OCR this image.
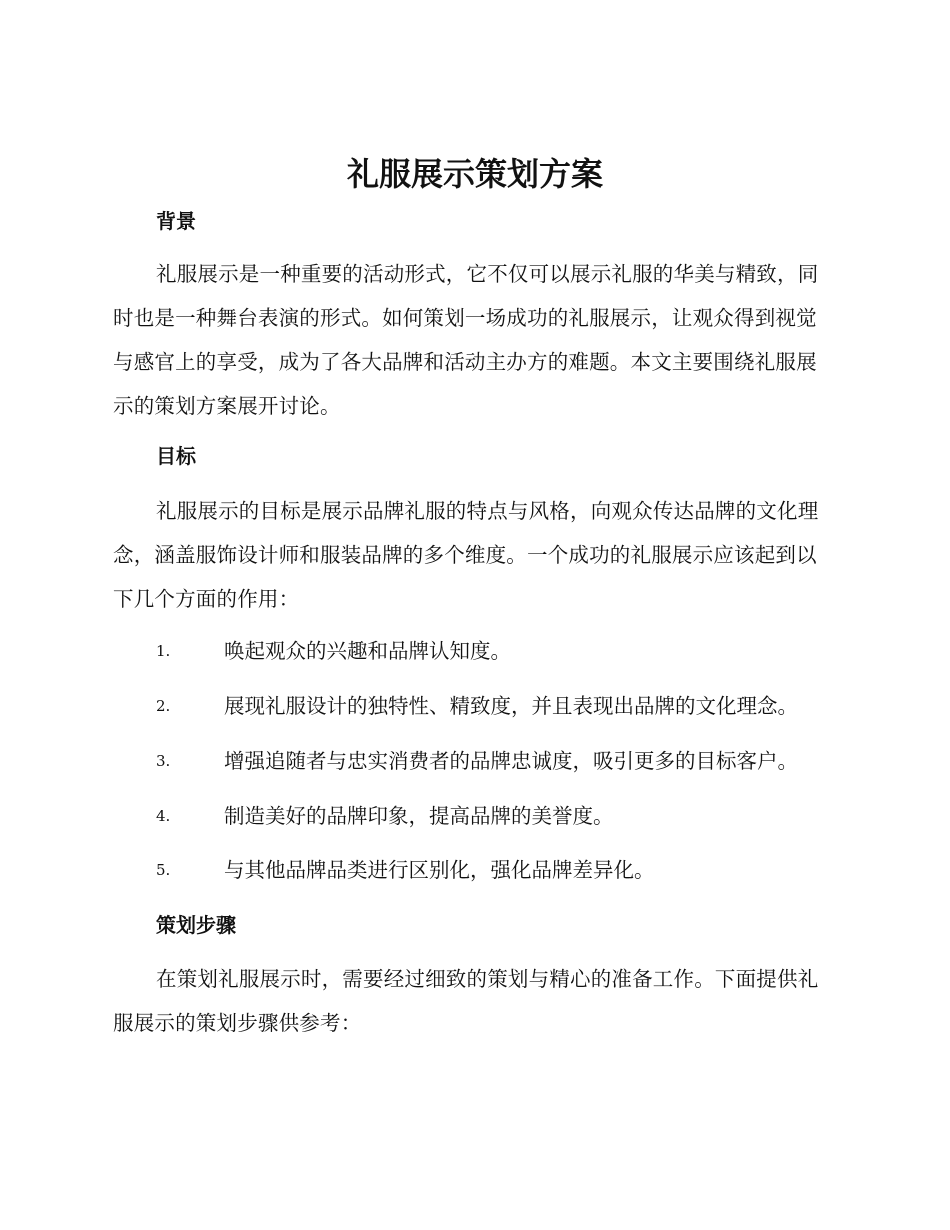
礼服展示策划方案
背景

礼服展示是一种重要的活动形式，它不仅可以展示礼服的华美与精致，同时也是一种舞台表演的形式。如何策划一场成功的礼服展示，让观众得到视觉与感官上的享受，成为了各大品牌和活动主办方的难题。本文主要围绕礼服展示的策划方案展开讨论。

目标

礼服展示的目标是展示品牌礼服的特点与风格，向观众传达品牌的文化理念，涵盖服饰设计师和服装品牌的多个维度。一个成功的礼服展示应该起到以下几个方面的作用：

1.	唤起观众的兴趣和品牌认知度。
2.	展现礼服设计的独特性、精致度，并且表现出品牌的文化理念。
3.	增强追随者与忠实消费者的品牌忠诚度，吸引更多的目标客户。
4.	制造美好的品牌印象，提高品牌的美誉度。
5.	与其他品牌品类进行区别化，强化品牌差异化。
策划步骤

在策划礼服展示时，需要经过细致的策划与精心的准备工作。下面提供礼服展示的策划步骤供参考：
